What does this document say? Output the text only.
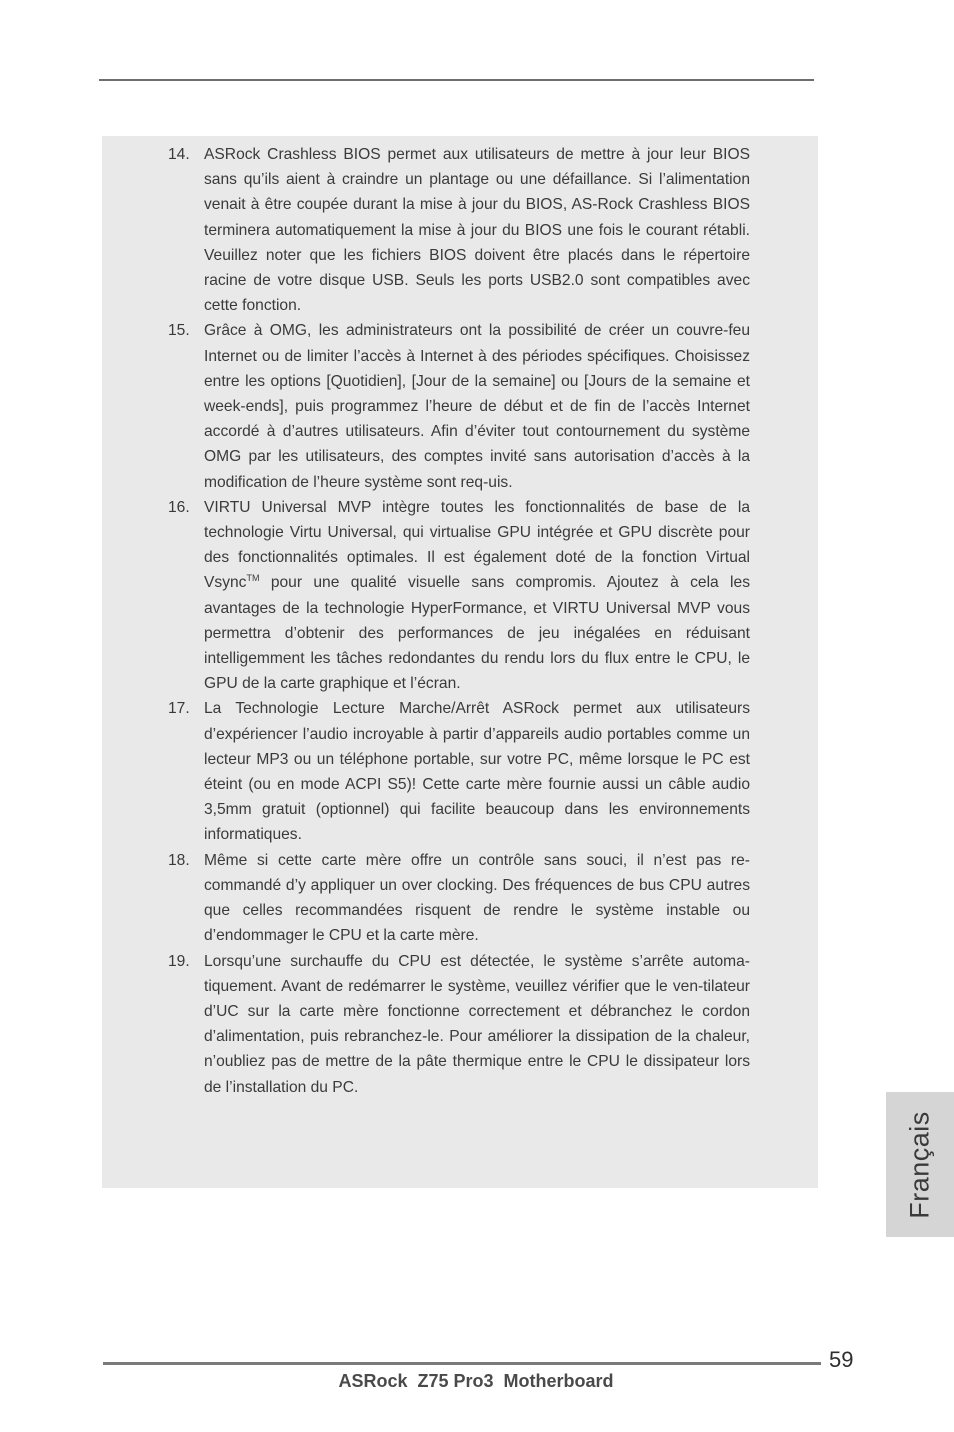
14. ASRock Crashless BIOS permet aux utilisateurs de mettre à jour leur BIOS sans qu’ils aient à craindre un plantage ou une défaillance. Si l’alimentation venait à être coupée durant la mise à jour du BIOS, AS-Rock Crashless BIOS terminera automatiquement la mise à jour du BIOS une fois le courant rétabli. Veuillez noter que les fichiers BIOS doivent être placés dans le répertoire racine de votre disque USB. Seuls les ports USB2.0 sont compatibles avec cette fonction.
15. Grâce à OMG, les administrateurs ont la possibilité de créer un couvre-feu Internet ou de limiter l’accès à Internet à des périodes spécifiques. Choisissez entre les options [Quotidien], [Jour de la semaine] ou [Jours de la semaine et week-ends], puis programmez l’heure de début et de fin de l’accès Internet accordé à d’autres utilisateurs. Afin d’éviter tout contournement du système OMG par les utilisateurs, des comptes invité sans autorisation d’accès à la modification de l’heure système sont req-uis.
16. VIRTU Universal MVP intègre toutes les fonctionnalités de base de la technologie Virtu Universal, qui virtualise GPU intégrée et GPU discrète pour des fonctionnalités optimales. Il est également doté de la fonction Virtual Vsync™ pour une qualité visuelle sans compromis. Ajoutez à cela les avantages de la technologie HyperFormance, et VIRTU Universal MVP vous permettra d’obtenir des performances de jeu inégalées en réduisant intelligemment les tâches redondantes du rendu lors du flux entre le CPU, le GPU de la carte graphique et l’écran.
17. La Technologie Lecture Marche/Arrêt ASRock permet aux utilisateurs d’expériencer l’audio incroyable à partir d’appareils audio portables comme un lecteur MP3 ou un téléphone portable, sur votre PC, même lorsque le PC est éteint (ou en mode ACPI S5)! Cette carte mère fournie aussi un câble audio 3,5mm gratuit (optionnel) qui facilite beaucoup dans les environnements informatiques.
18. Même si cette carte mère offre un contrôle sans souci, il n’est pas re-commandé d’y appliquer un over clocking. Des fréquences de bus CPU autres que celles recommandées risquent de rendre le système instable ou d’endommager le CPU et la carte mère.
19. Lorsqu’une surchauffe du CPU est détectée, le système s’arrête automa-tiquement. Avant de redémarrer le système, veuillez vérifier que le ven-tilateur d’UC sur la carte mère fonctionne correctement et débranchez le cordon d’alimentation, puis rebranchez-le. Pour améliorer la dissipation de la chaleur, n’oubliez pas de mettre de la pâte thermique entre le CPU le dissipateur lors de l’installation du PC.
Français
59
ASRock  Z75 Pro3  Motherboard
